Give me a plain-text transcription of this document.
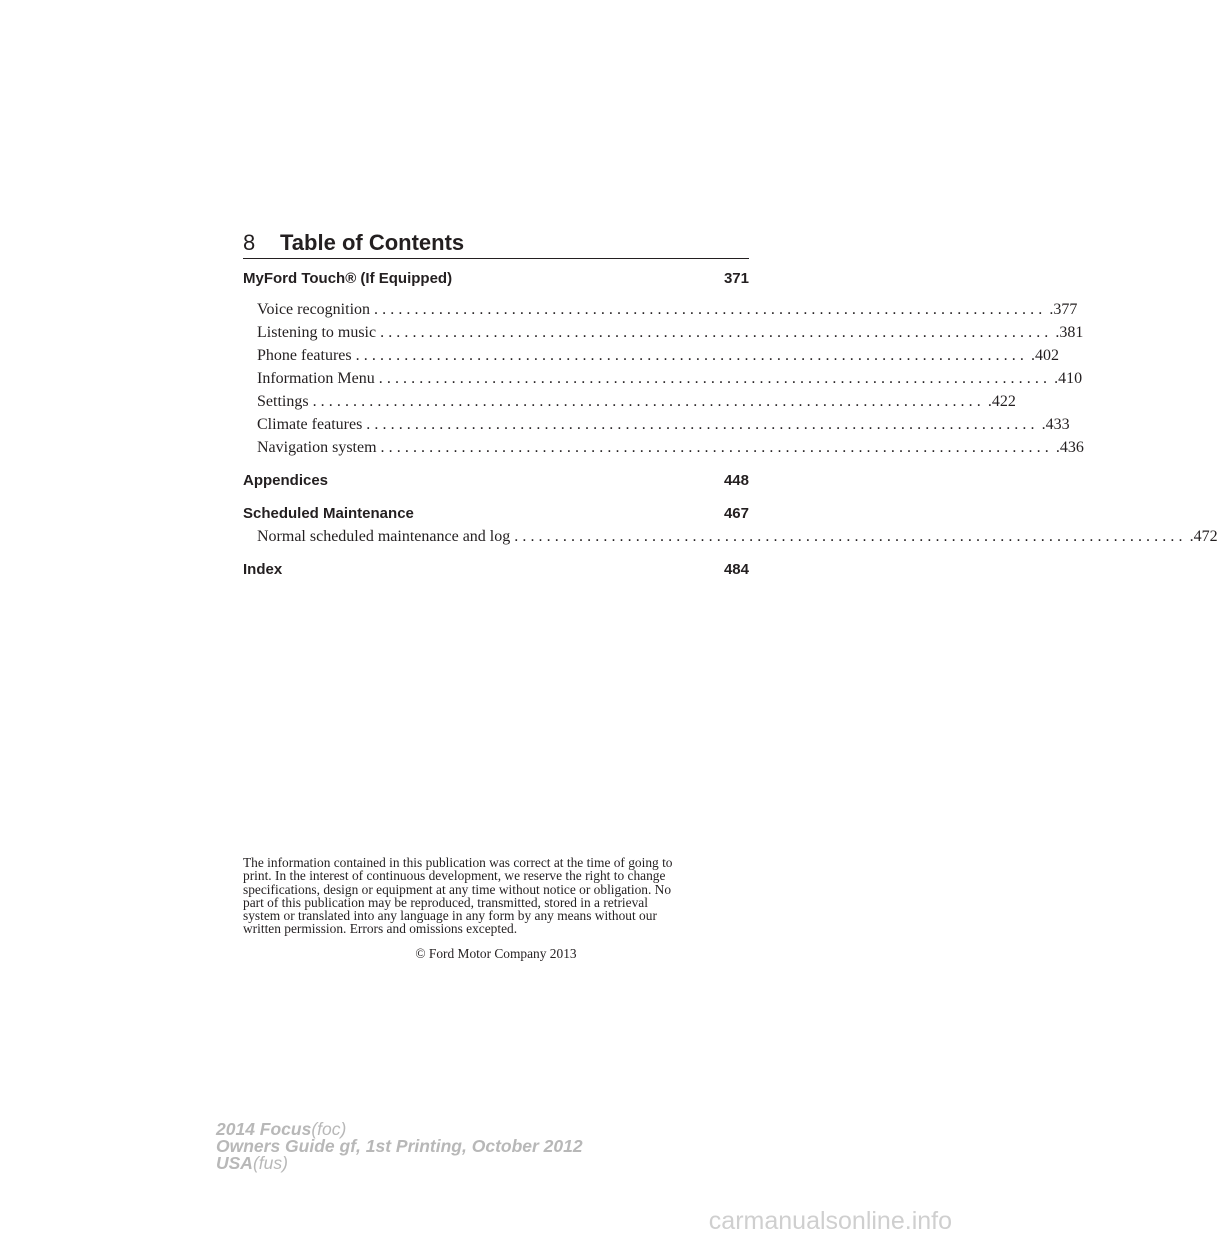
8 Table of Contents
MyFord Touch® (If Equipped)	371
Voice recognition ................................................................................... .377
Listening to music ................................................................................... .381
Phone features ................................................................................... .402
Information Menu ................................................................................... .410
Settings ................................................................................... .422
Climate features ................................................................................... .433
Navigation system ................................................................................... .436
Appendices	448
Scheduled Maintenance	467
Normal scheduled maintenance and log ................................................................................... .472
Index	484
The information contained in this publication was correct at the time of going to
print. In the interest of continuous development, we reserve the right to change
specifications, design or equipment at any time without notice or obligation. No
part of this publication may be reproduced, transmitted, stored in a retrieval
system or translated into any language in any form by any means without our
written permission. Errors and omissions excepted.
© Ford Motor Company 2013
2014 Focus(foc)
Owners Guide gf, 1st Printing, October 2012
USA(fus)
carmanualsonline.info
